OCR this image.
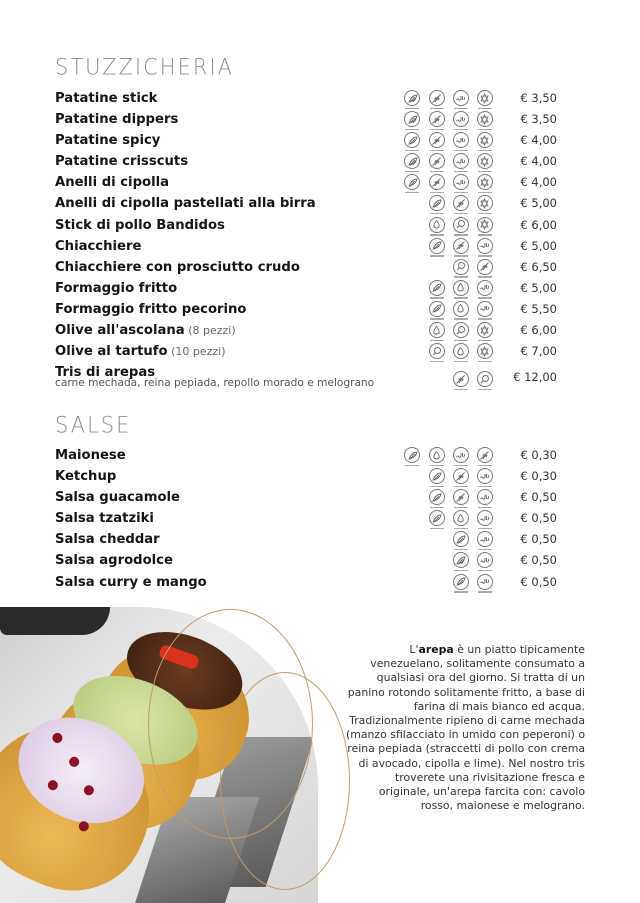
STUZZICHERIA
Patatine stick	€ 3,50
Patatine dippers	€ 3,50
Patatine spicy	€ 4,00
Patatine crisscuts	€ 4,00
Anelli di cipolla	€ 4,00
Anelli di cipolla pastellati alla birra	€ 5,00
Stick di pollo Bandidos	€ 6,00
Chiacchiere	€ 5,00
Chiacchiere con prosciutto crudo	€ 6,50
Formaggio fritto	€ 5,00
Formaggio fritto pecorino	€ 5,50
Olive all'ascolana (8 pezzi)	€ 6,00
Olive al tartufo (10 pezzi)	€ 7,00
Tris di arepas
carne mechada, reina pepiada, repollo morado e melograno	€ 12,00
SALSE
Maionese	€ 0,30
Ketchup	€ 0,30
Salsa guacamole	€ 0,50
Salsa tzatziki	€ 0,50
Salsa cheddar	€ 0,50
Salsa agrodolce	€ 0,50
Salsa curry e mango	€ 0,50
L'arepa è un piatto tipicamente venezuelano, solitamente consumato a qualsiasi ora del giorno. Si tratta di un panino rotondo solitamente fritto, a base di farina di mais bianco ed acqua. Tradizionalmente ripieno di carne mechada (manzo sfilacciato in umido con peperoni) o reina pepiada (straccetti di pollo con crema di avocado, cipolla e lime). Nel nostro tris troverete una rivisitazione fresca e originale, un'arepa farcita con: cavolo rosso, maionese e melograno.
